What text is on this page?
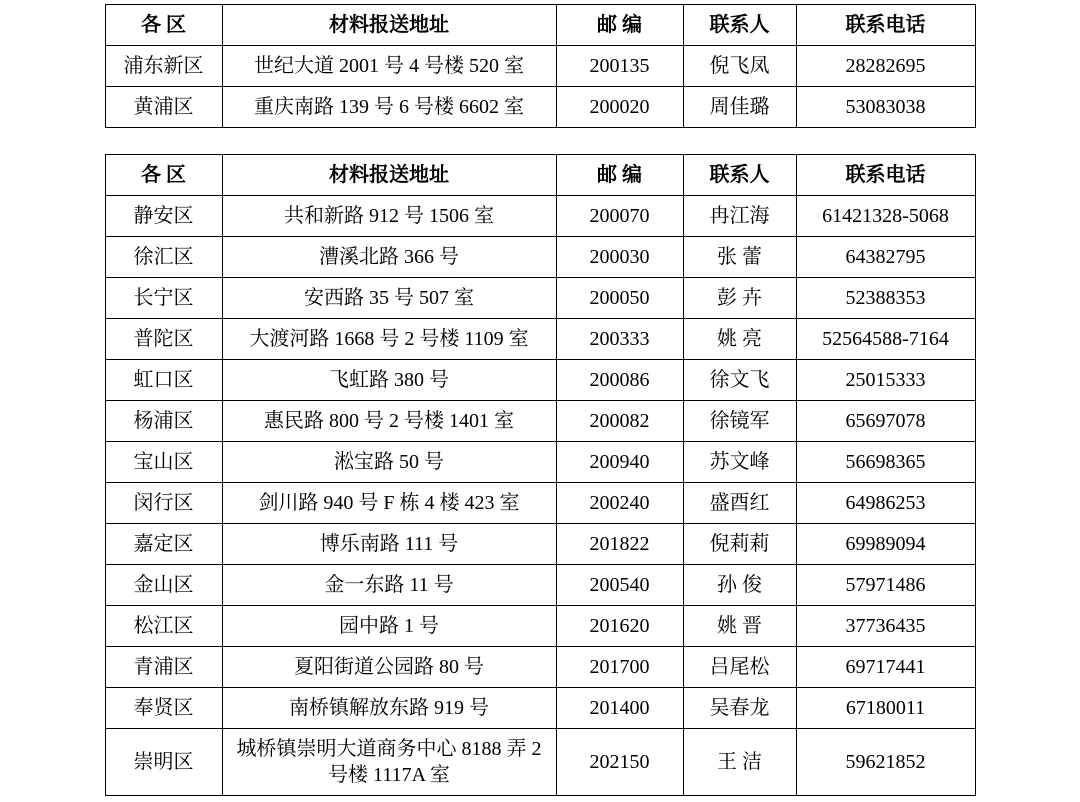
各 区	材料报送地址	邮 编	联系人	联系电话
浦东新区	世纪大道 2001 号 4 号楼 520 室	200135	倪飞凤	28282695
黄浦区	重庆南路 139 号 6 号楼 6602 室	200020	周佳璐	53083038
各 区	材料报送地址	邮 编	联系人	联系电话
静安区	共和新路 912 号 1506 室	200070	冉江海	61421328-5068
徐汇区	漕溪北路 366 号	200030	张 蕾	64382795
长宁区	安西路 35 号 507 室	200050	彭 卉	52388353
普陀区	大渡河路 1668 号 2 号楼 1109 室	200333	姚 亮	52564588-7164
虹口区	飞虹路 380 号	200086	徐文飞	25015333
杨浦区	惠民路 800 号 2 号楼 1401 室	200082	徐镜军	65697078
宝山区	淞宝路 50 号	200940	苏文峰	56698365
闵行区	剑川路 940 号 F 栋 4 楼 423 室	200240	盛酉红	64986253
嘉定区	博乐南路 111 号	201822	倪莉莉	69989094
金山区	金一东路 11 号	200540	孙 俊	57971486
松江区	园中路 1 号	201620	姚 晋	37736435
青浦区	夏阳街道公园路 80 号	201700	吕尾松	69717441
奉贤区	南桥镇解放东路 919 号	201400	吴春龙	67180011
崇明区	城桥镇崇明大道商务中心 8188 弄 2 号楼 1117A 室	202150	王 洁	59621852
